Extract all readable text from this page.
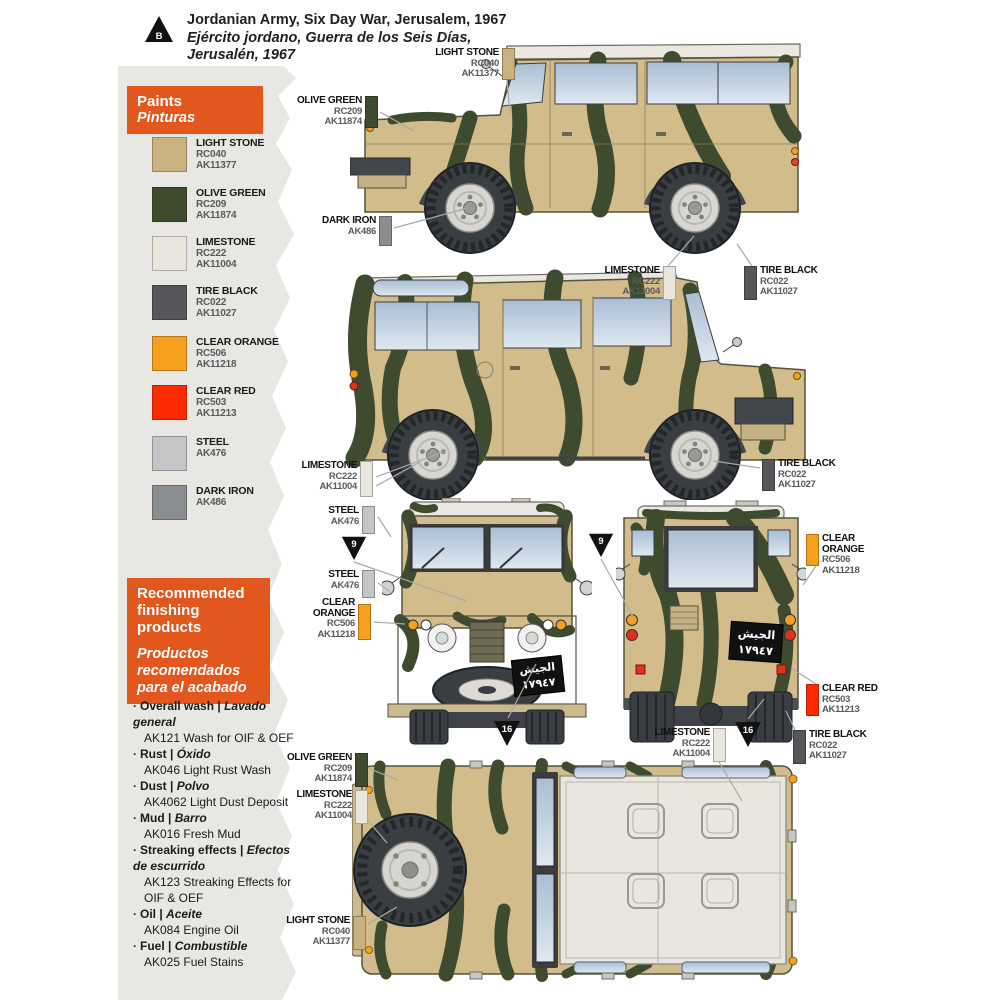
B
Jordanian Army, Six Day War, Jerusalem, 1967
Ejército jordano, Guerra de los Seis Días,
Jerusalén, 1967
Paints
Pinturas
LIGHT STONE
RC040
AK11377
OLIVE GREEN
RC209
AK11874
LIMESTONE
RC222
AK11004
TIRE BLACK
RC022
AK11027
CLEAR ORANGE
RC506
AK11218
CLEAR RED
RC503
AK11213
STEEL
AK476
DARK IRON
AK486
Recommended finishing products
Productos recomendados para el acabado
· Overall wash | Lavado general
AK121 Wash for OIF & OEF
· Rust | Óxido
AK046 Light Rust Wash
· Dust | Polvo
AK4062 Light Dust Deposit
· Mud | Barro
AK016 Fresh Mud
· Streaking effects | Efectos de escurrido
AK123 Streaking Effects for OIF & OEF
· Oil | Aceite
AK084 Engine Oil
· Fuel | Combustible
AK025 Fuel Stains
الجيش
١٧٩٤٧
الجيش
١٧٩٤٧
9	9
16	16
LIGHT STONE
RC040
AK11377
OLIVE GREEN
RC209
AK11874
DARK IRON
AK486
LIMESTONE
RC222
AK11004
TIRE BLACK
RC022
AK11027
LIMESTONE
RC222
AK11004
TIRE BLACK
RC022
AK11027
STEEL
AK476
STEEL
AK476
CLEAR ORANGE
RC506
AK11218
CLEAR ORANGE
RC506
AK11218
CLEAR RED
RC503
AK11213
LIMESTONE
RC222
AK11004
TIRE BLACK
RC022
AK11027
OLIVE GREEN
RC209
AK11874
LIMESTONE
RC222
AK11004
LIGHT STONE
RC040
AK11377
